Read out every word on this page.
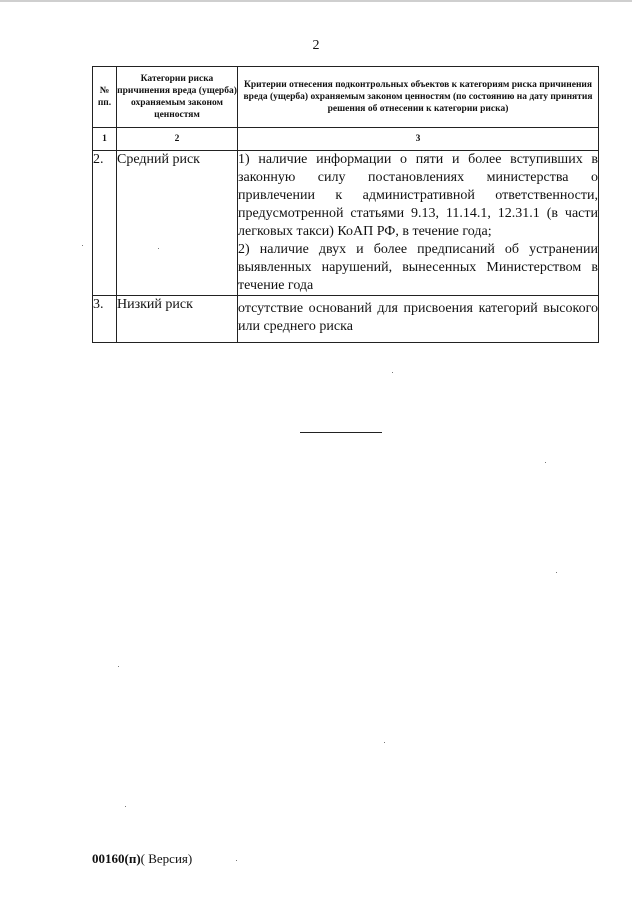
2
№ пп.	Категории риска причинения вреда (ущерба) охраняемым законом ценностям	Критерии отнесения подконтрольных объектов к категориям риска причинения вреда (ущерба) охраняемым законом ценностям (по состоянию на дату принятия решения об отнесении к категории риска)
1	2	3
2.	Средний риск	1) наличие информации о пяти и более вступивших в законную силу постановлениях министерства о привлечении к административной ответственности, предусмотренной статьями 9.13, 11.14.1, 12.31.1 (в части легковых такси) КоАП РФ, в течение года;
2) наличие двух и более предписаний об устранении выявленных нарушений, вынесенных Министерством в течение года

3.	Низкий риск	отсутствие оснований для присвоения категорий высокого или среднего риска
00160(п)( Версия)
